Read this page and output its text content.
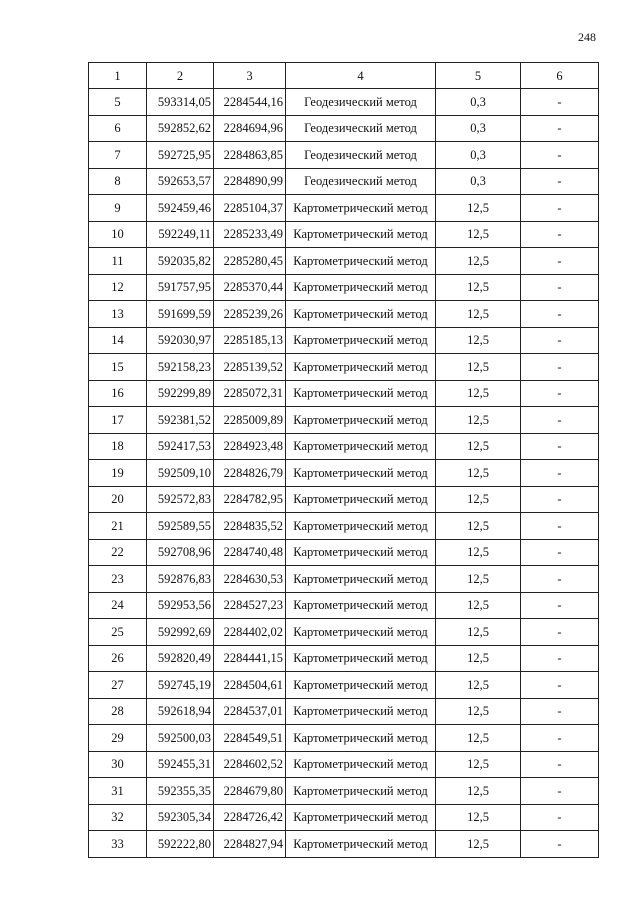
248
1	2	3	4	5	6
5	593314,05	2284544,16	Геодезический метод	0,3	-
6	592852,62	2284694,96	Геодезический метод	0,3	-
7	592725,95	2284863,85	Геодезический метод	0,3	-
8	592653,57	2284890,99	Геодезический метод	0,3	-
9	592459,46	2285104,37	Картометрический метод	12,5	-
10	592249,11	2285233,49	Картометрический метод	12,5	-
11	592035,82	2285280,45	Картометрический метод	12,5	-
12	591757,95	2285370,44	Картометрический метод	12,5	-
13	591699,59	2285239,26	Картометрический метод	12,5	-
14	592030,97	2285185,13	Картометрический метод	12,5	-
15	592158,23	2285139,52	Картометрический метод	12,5	-
16	592299,89	2285072,31	Картометрический метод	12,5	-
17	592381,52	2285009,89	Картометрический метод	12,5	-
18	592417,53	2284923,48	Картометрический метод	12,5	-
19	592509,10	2284826,79	Картометрический метод	12,5	-
20	592572,83	2284782,95	Картометрический метод	12,5	-
21	592589,55	2284835,52	Картометрический метод	12,5	-
22	592708,96	2284740,48	Картометрический метод	12,5	-
23	592876,83	2284630,53	Картометрический метод	12,5	-
24	592953,56	2284527,23	Картометрический метод	12,5	-
25	592992,69	2284402,02	Картометрический метод	12,5	-
26	592820,49	2284441,15	Картометрический метод	12,5	-
27	592745,19	2284504,61	Картометрический метод	12,5	-
28	592618,94	2284537,01	Картометрический метод	12,5	-
29	592500,03	2284549,51	Картометрический метод	12,5	-
30	592455,31	2284602,52	Картометрический метод	12,5	-
31	592355,35	2284679,80	Картометрический метод	12,5	-
32	592305,34	2284726,42	Картометрический метод	12,5	-
33	592222,80	2284827,94	Картометрический метод	12,5	-
